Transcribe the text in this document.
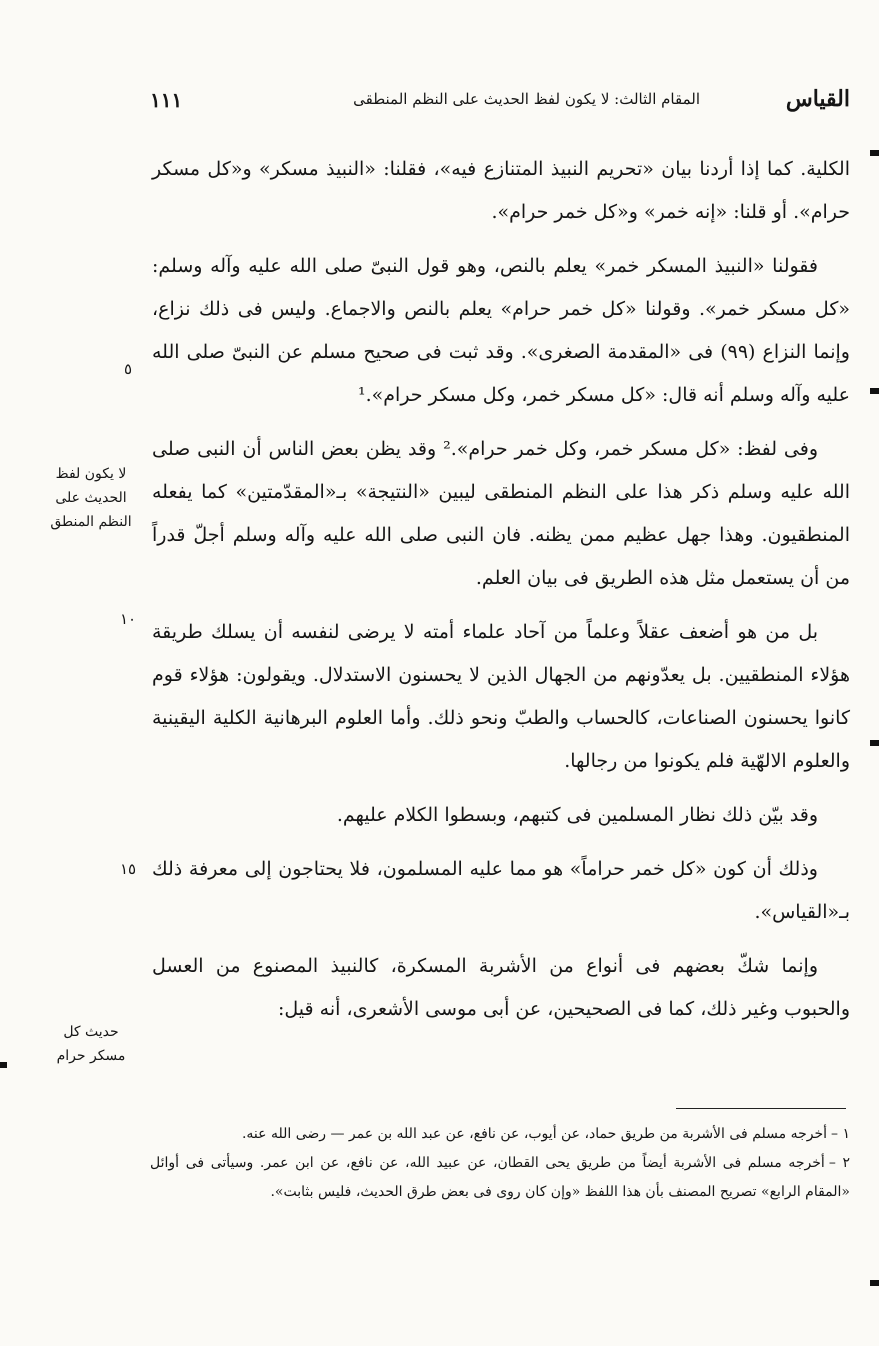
القياس
المقام الثالث: لا يكون لفظ الحديث على النظم المنطقى
١١١

الكلية. كما إذا أردنا بيان «تحريم النبيذ المتنازع فيه»، فقلنا: «النبيذ مسكر» و«كل مسكر حرام». أو قلنا: «إنه خمر» و«كل خمر حرام».

فقولنا «النبيذ المسكر خمر» يعلم بالنص، وهو قول النبىّ صلى الله عليه وآله وسلم: «كل مسكر خمر». وقولنا «كل خمر حرام» يعلم بالنص والاجماع. وليس فى ذلك نزاع، وإنما النزاع (٩٩) فى «المقدمة الصغرى». وقد ثبت فى صحيح مسلم عن النبىّ صلى الله عليه وآله وسلم أنه قال: «كل مسكر خمر، وكل مسكر حرام».¹

وفى لفظ: «كل مسكر خمر، وكل خمر حرام».² وقد يظن بعض الناس أن النبى صلى الله عليه وسلم ذكر هذا على النظم المنطقى ليبين «النتيجة» بـ«المقدّمتين» كما يفعله المنطقيون. وهذا جهل عظيم ممن يظنه. فان النبى صلى الله عليه وآله وسلم أجلّ قدراً من أن يستعمل مثل هذه الطريق فى بيان العلم.

بل من هو أضعف عقلاً وعلماً من آحاد علماء أمته لا يرضى لنفسه أن يسلك طريقة هؤلاء المنطقيين. بل يعدّونهم من الجهال الذين لا يحسنون الاستدلال. ويقولون: هؤلاء قوم كانوا يحسنون الصناعات، كالحساب والطبّ ونحو ذلك. وأما العلوم البرهانية الكلية اليقينية والعلوم الالهّية فلم يكونوا من رجالها.

وقد بيّن ذلك نظار المسلمين فى كتبهم، وبسطوا الكلام عليهم.

وذلك أن كون «كل خمر حراماً» هو مما عليه المسلمون، فلا يحتاجون إلى معرفة ذلك بـ«القياس».

وإنما شكّ بعضهم فى أنواع من الأشربة المسكرة، كالنبيذ المصنوع من العسل والحبوب وغير ذلك، كما فى الصحيحين، عن أبى موسى الأشعرى، أنه قيل:

٥
١٠
١٥
لا يكون لفظ الحديث على النظم المنطق
حديث كل مسكر حرام

١ –أخرجه مسلم فى الأشربة من طريق حماد، عن أيوب، عن نافع، عن عبد الله بن عمر — رضى الله عنه.

٢ –أخرجه مسلم فى الأشربة أيضاً من طريق يحى القطان، عن عبيد الله، عن نافع، عن ابن عمر. وسيأتى فى أوائل «المقام الرابع» تصريح المصنف بأن هذا اللفظ «وإن كان روى فى بعض طرق الحديث، فليس بثابت».
